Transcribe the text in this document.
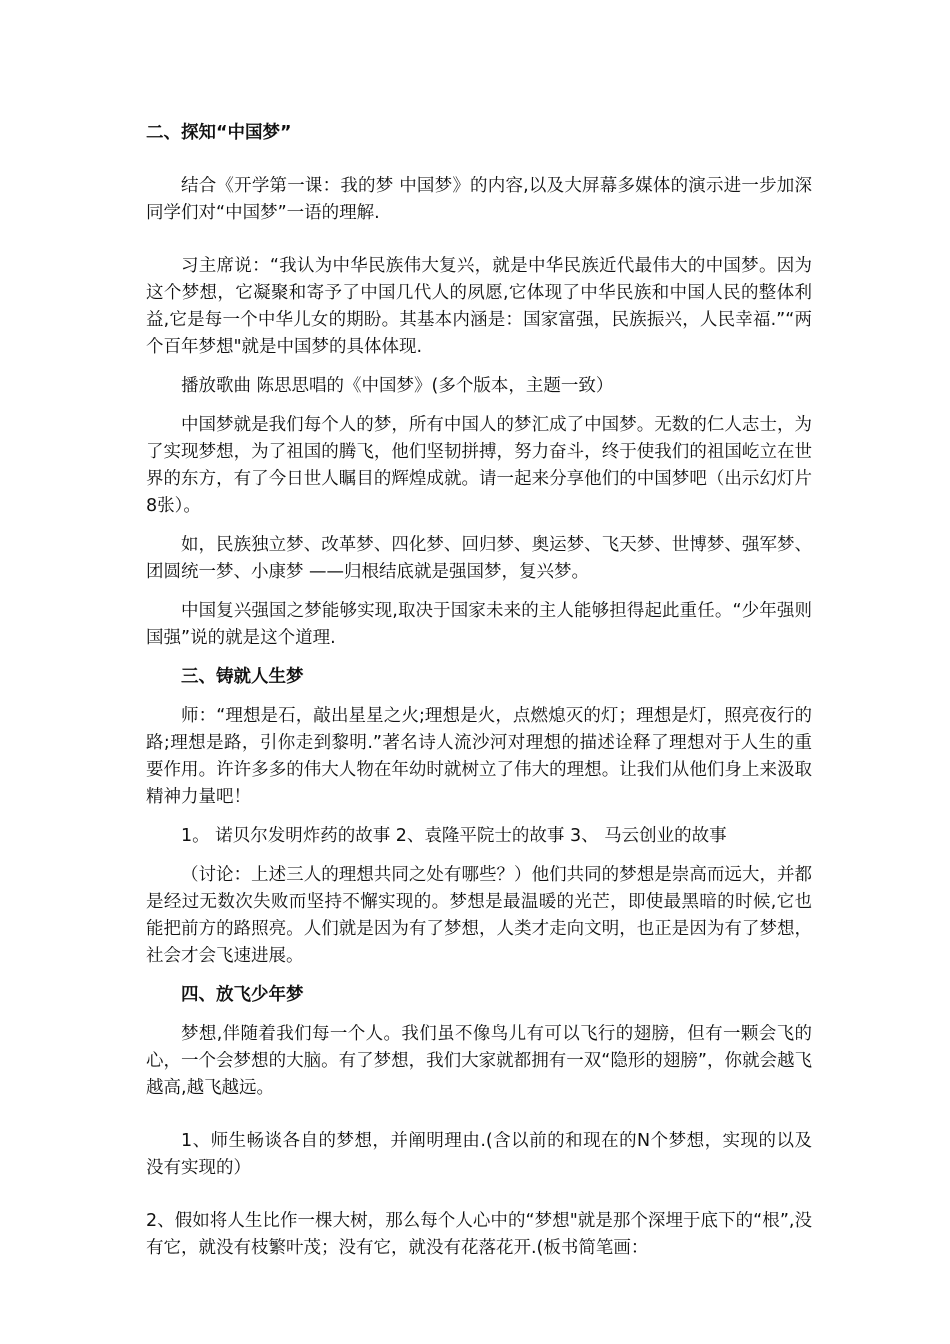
二、探知“中国梦”

结合《开学第一课：我的梦 中国梦》的内容,以及大屏幕多媒体的演示进一步加深同学们对“中国梦”一语的理解.

习主席说：“我认为中华民族伟大复兴，就是中华民族近代最伟大的中国梦。因为这个梦想，它凝聚和寄予了中国几代人的夙愿,它体现了中华民族和中国人民的整体利益,它是每一个中华儿女的期盼。其基本内涵是：国家富强，民族振兴，人民幸福.”“两个百年梦想"就是中国梦的具体体现.

播放歌曲 陈思思唱的《中国梦》(多个版本，主题一致）

中国梦就是我们每个人的梦，所有中国人的梦汇成了中国梦。无数的仁人志士，为了实现梦想，为了祖国的腾飞，他们坚韧拼搏，努力奋斗，终于使我们的祖国屹立在世界的东方，有了今日世人瞩目的辉煌成就。请一起来分享他们的中国梦吧（出示幻灯片8张）。

如，民族独立梦、改革梦、四化梦、回归梦、奥运梦、飞天梦、世博梦、强军梦、团圆统一梦、小康梦 ——归根结底就是强国梦，复兴梦。

中国复兴强国之梦能够实现,取决于国家未来的主人能够担得起此重任。“少年强则国强”说的就是这个道理.

三、铸就人生梦

师：“理想是石，敲出星星之火;理想是火，点燃熄灭的灯；理想是灯，照亮夜行的路;理想是路，引你走到黎明.”著名诗人流沙河对理想的描述诠释了理想对于人生的重要作用。许许多多的伟大人物在年幼时就树立了伟大的理想。让我们从他们身上来汲取精神力量吧！

1。 诺贝尔发明炸药的故事 2、袁隆平院士的故事 3、 马云创业的故事

（讨论：上述三人的理想共同之处有哪些？）他们共同的梦想是崇高而远大，并都是经过无数次失败而坚持不懈实现的。梦想是最温暖的光芒，即使最黑暗的时候,它也能把前方的路照亮。人们就是因为有了梦想，人类才走向文明，也正是因为有了梦想，社会才会飞速进展。

四、放飞少年梦

梦想,伴随着我们每一个人。我们虽不像鸟儿有可以飞行的翅膀，但有一颗会飞的心，一个会梦想的大脑。有了梦想，我们大家就都拥有一双“隐形的翅膀”，你就会越飞越高,越飞越远。

1、师生畅谈各自的梦想，并阐明理由.(含以前的和现在的N个梦想，实现的以及没有实现的）

2、假如将人生比作一棵大树，那么每个人心中的“梦想"就是那个深埋于底下的“根”,没有它，就没有枝繁叶茂；没有它，就没有花落花开.(板书简笔画：
